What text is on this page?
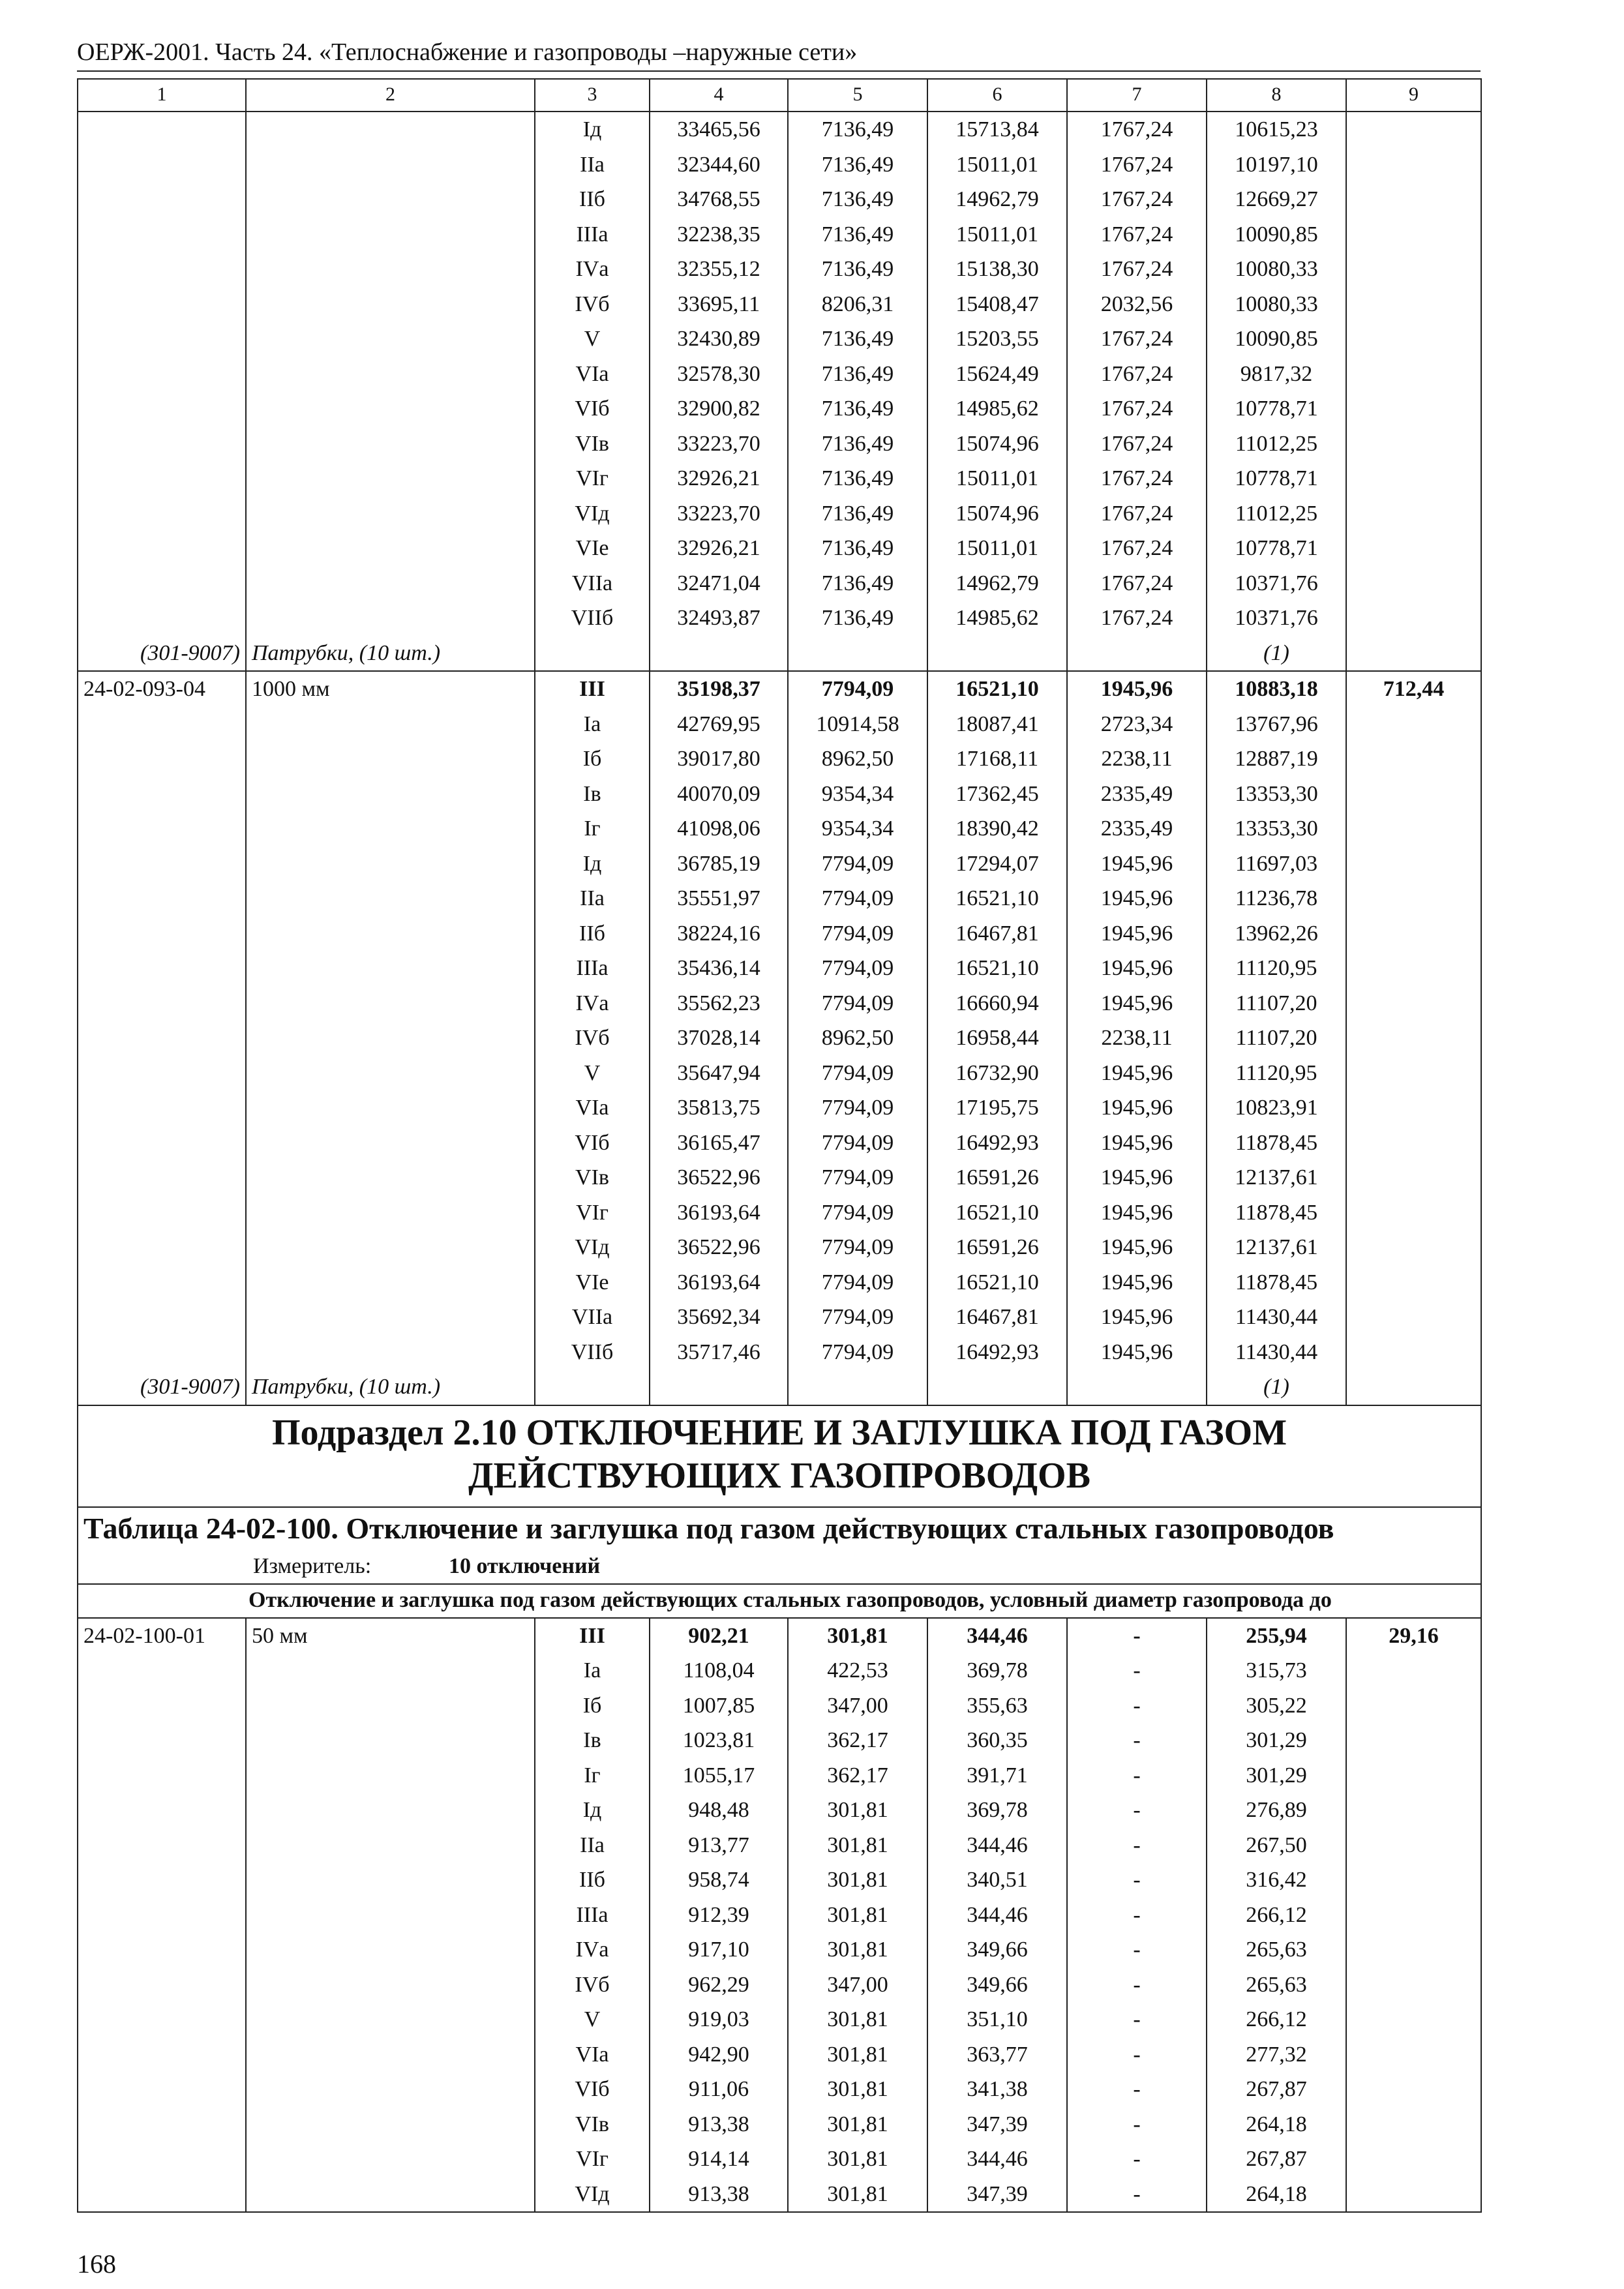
ОЕРЖ-2001. Часть 24. «Теплоснабжение и газопроводы –наружные сети»
1	2	3	4	5	6	7	8	9
		Iд	33465,56	7136,49	15713,84	1767,24	10615,23	
		IIа	32344,60	7136,49	15011,01	1767,24	10197,10	
		IIб	34768,55	7136,49	14962,79	1767,24	12669,27	
		IIIа	32238,35	7136,49	15011,01	1767,24	10090,85	
		IVа	32355,12	7136,49	15138,30	1767,24	10080,33	
		IVб	33695,11	8206,31	15408,47	2032,56	10080,33	
		V	32430,89	7136,49	15203,55	1767,24	10090,85	
		VIа	32578,30	7136,49	15624,49	1767,24	9817,32	
		VIб	32900,82	7136,49	14985,62	1767,24	10778,71	
		VIв	33223,70	7136,49	15074,96	1767,24	11012,25	
		VIг	32926,21	7136,49	15011,01	1767,24	10778,71	
		VIд	33223,70	7136,49	15074,96	1767,24	11012,25	
		VIе	32926,21	7136,49	15011,01	1767,24	10778,71	
		VIIа	32471,04	7136,49	14962,79	1767,24	10371,76	
		VIIб	32493,87	7136,49	14985,62	1767,24	10371,76	
(301-9007)	Патрубки, (10 шт.)						(1)	
24-02-093-04	1000 мм	III	35198,37	7794,09	16521,10	1945,96	10883,18	712,44
		Iа	42769,95	10914,58	18087,41	2723,34	13767,96	
		Iб	39017,80	8962,50	17168,11	2238,11	12887,19	
		Iв	40070,09	9354,34	17362,45	2335,49	13353,30	
		Iг	41098,06	9354,34	18390,42	2335,49	13353,30	
		Iд	36785,19	7794,09	17294,07	1945,96	11697,03	
		IIа	35551,97	7794,09	16521,10	1945,96	11236,78	
		IIб	38224,16	7794,09	16467,81	1945,96	13962,26	
		IIIа	35436,14	7794,09	16521,10	1945,96	11120,95	
		IVа	35562,23	7794,09	16660,94	1945,96	11107,20	
		IVб	37028,14	8962,50	16958,44	2238,11	11107,20	
		V	35647,94	7794,09	16732,90	1945,96	11120,95	
		VIа	35813,75	7794,09	17195,75	1945,96	10823,91	
		VIб	36165,47	7794,09	16492,93	1945,96	11878,45	
		VIв	36522,96	7794,09	16591,26	1945,96	12137,61	
		VIг	36193,64	7794,09	16521,10	1945,96	11878,45	
		VIд	36522,96	7794,09	16591,26	1945,96	12137,61	
		VIе	36193,64	7794,09	16521,10	1945,96	11878,45	
		VIIа	35692,34	7794,09	16467,81	1945,96	11430,44	
		VIIб	35717,46	7794,09	16492,93	1945,96	11430,44	
(301-9007)	Патрубки, (10 шт.)						(1)	

Подраздел 2.10 ОТКЛЮЧЕНИЕ И ЗАГЛУШКА ПОД ГАЗОМ
ДЕЙСТВУЮЩИХ ГАЗОПРОВОДОВ								

Таблица 24-02-100. Отключение и заглушка под газом действующих стальных газопроводов								
Измеритель: 10 отключений								
	Отключение и заглушка под газом действующих стальных газопроводов, условный диаметр газопровода до							
24-02-100-01	50 мм	III	902,21	301,81	344,46	-	255,94	29,16
		Iа	1108,04	422,53	369,78	-	315,73	
		Iб	1007,85	347,00	355,63	-	305,22	
		Iв	1023,81	362,17	360,35	-	301,29	
		Iг	1055,17	362,17	391,71	-	301,29	
		Iд	948,48	301,81	369,78	-	276,89	
		IIа	913,77	301,81	344,46	-	267,50	
		IIб	958,74	301,81	340,51	-	316,42	
		IIIа	912,39	301,81	344,46	-	266,12	
		IVа	917,10	301,81	349,66	-	265,63	
		IVб	962,29	347,00	349,66	-	265,63	
		V	919,03	301,81	351,10	-	266,12	
		VIа	942,90	301,81	363,77	-	277,32	
		VIб	911,06	301,81	341,38	-	267,87	
		VIв	913,38	301,81	347,39	-	264,18	
		VIг	914,14	301,81	344,46	-	267,87	
		VIд	913,38	301,81	347,39	-	264,18	
168
